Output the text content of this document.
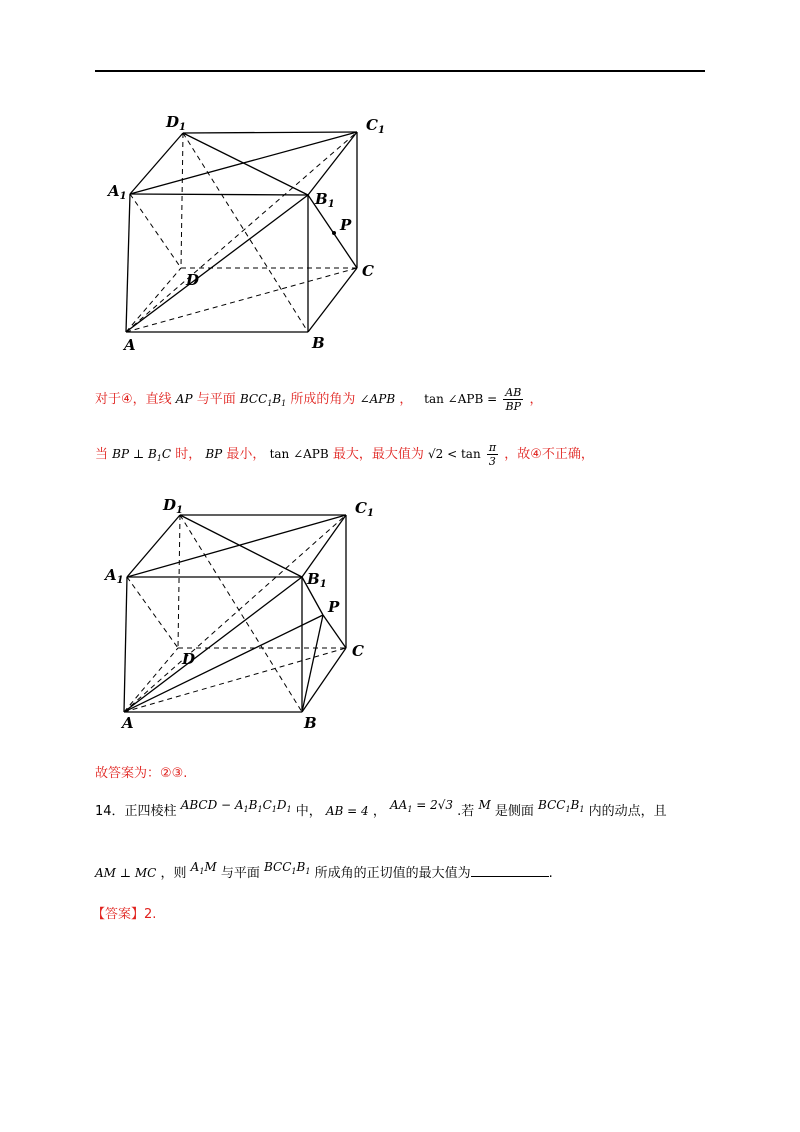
$D_1$	$C_1$
$A_1$	$B_1$
P
D	C
A	B
对于④，直线 AP 与平面 $BCC_1B_1$ 所成的角为 ∠APB ， tan ∠APB = $\frac{AB}{BP}$ ，
当 BP ⊥ $B_1C$ 时， BP 最小， tan ∠APB 最大，最大值为 $√2 < \tan \frac{\pi}{3}$ ，故④不正确，
$D_1$	$C_1$
$A_1$	$B_1$
P
D	C
A	B
故答案为：②③.
14．正四棱柱 ABCD − $A_1B_1C_1D_1$ 中， AB = 4 ， $AA_1 = 2√3$ .若 M 是侧面 $BCC_1B_1$ 内的动点，且
AM ⊥ MC ，则 $A_1M$ 与平面 $BCC_1B_1$ 所成角的正切值的最大值为	.
【答案】2.
